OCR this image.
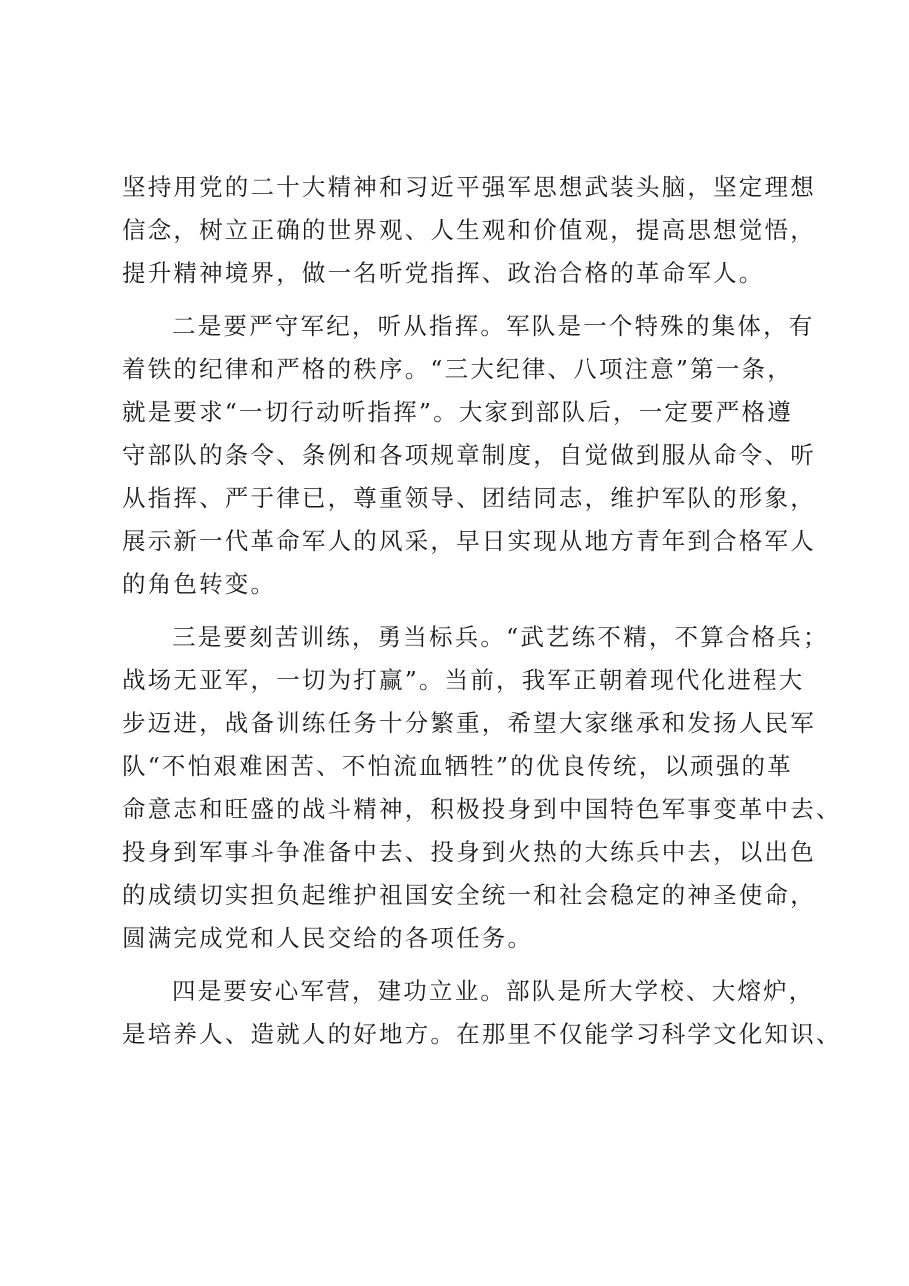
坚持用党的二十大精神和习近平强军思想武装头脑，坚定理想
信念，树立正确的世界观、人生观和价值观，提高思想觉悟，
提升精神境界，做一名听党指挥、政治合格的革命军人。
二是要严守军纪，听从指挥。军队是一个特殊的集体，有
着铁的纪律和严格的秩序。“三大纪律、八项注意”第一条，
就是要求“一切行动听指挥”。大家到部队后，一定要严格遵
守部队的条令、条例和各项规章制度，自觉做到服从命令、听
从指挥、严于律已，尊重领导、团结同志，维护军队的形象，
展示新一代革命军人的风采，早日实现从地方青年到合格军人
的角色转变。
三是要刻苦训练，勇当标兵。“武艺练不精，不算合格兵；
战场无亚军，一切为打赢”。当前，我军正朝着现代化进程大
步迈进，战备训练任务十分繁重，希望大家继承和发扬人民军
队“不怕艰难困苦、不怕流血牺牲”的优良传统，以顽强的革
命意志和旺盛的战斗精神，积极投身到中国特色军事变革中去、
投身到军事斗争准备中去、投身到火热的大练兵中去，以出色
的成绩切实担负起维护祖国安全统一和社会稳定的神圣使命，
圆满完成党和人民交给的各项任务。
四是要安心军营，建功立业。部队是所大学校、大熔炉，
是培养人、造就人的好地方。在那里不仅能学习科学文化知识、
